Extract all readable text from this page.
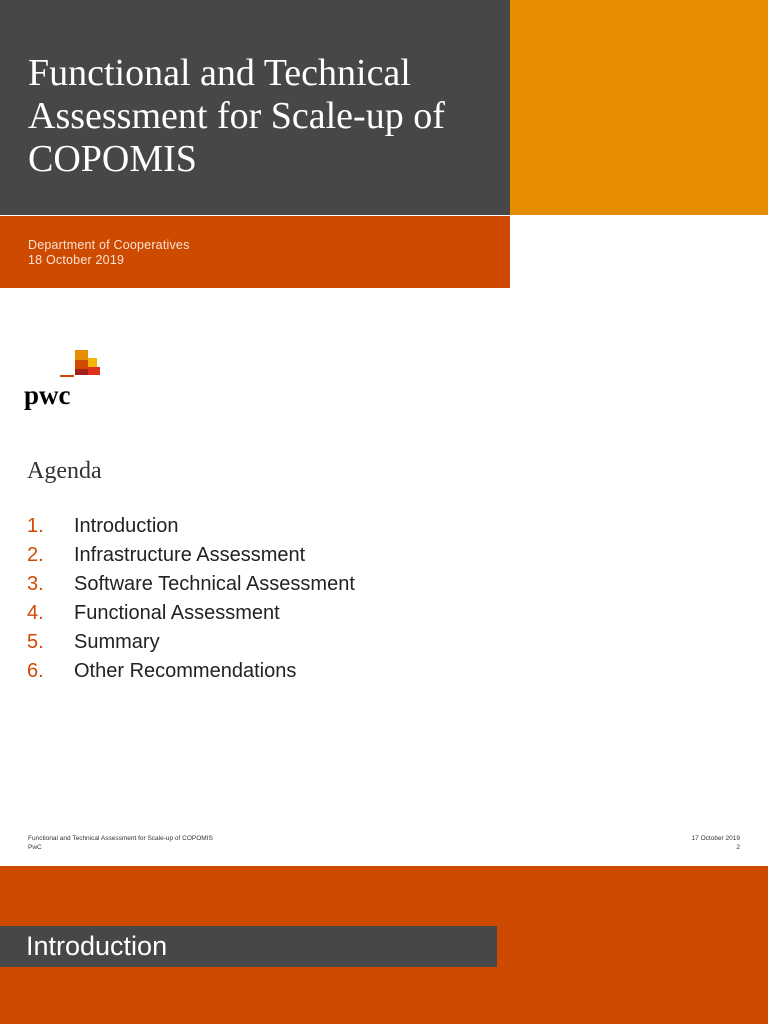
Functional and Technical Assessment for Scale-up of COPOMIS
Department of Cooperatives
18 October 2019
pwc
Agenda
1.	Introduction
2.	Infrastructure Assessment
3.	Software Technical Assessment
4.	Functional Assessment
5.	Summary
6.	Other Recommendations
Functional and Technical Assessment for Scale-up of COPOMIS
PwC
17 October 2019
2
Introduction
